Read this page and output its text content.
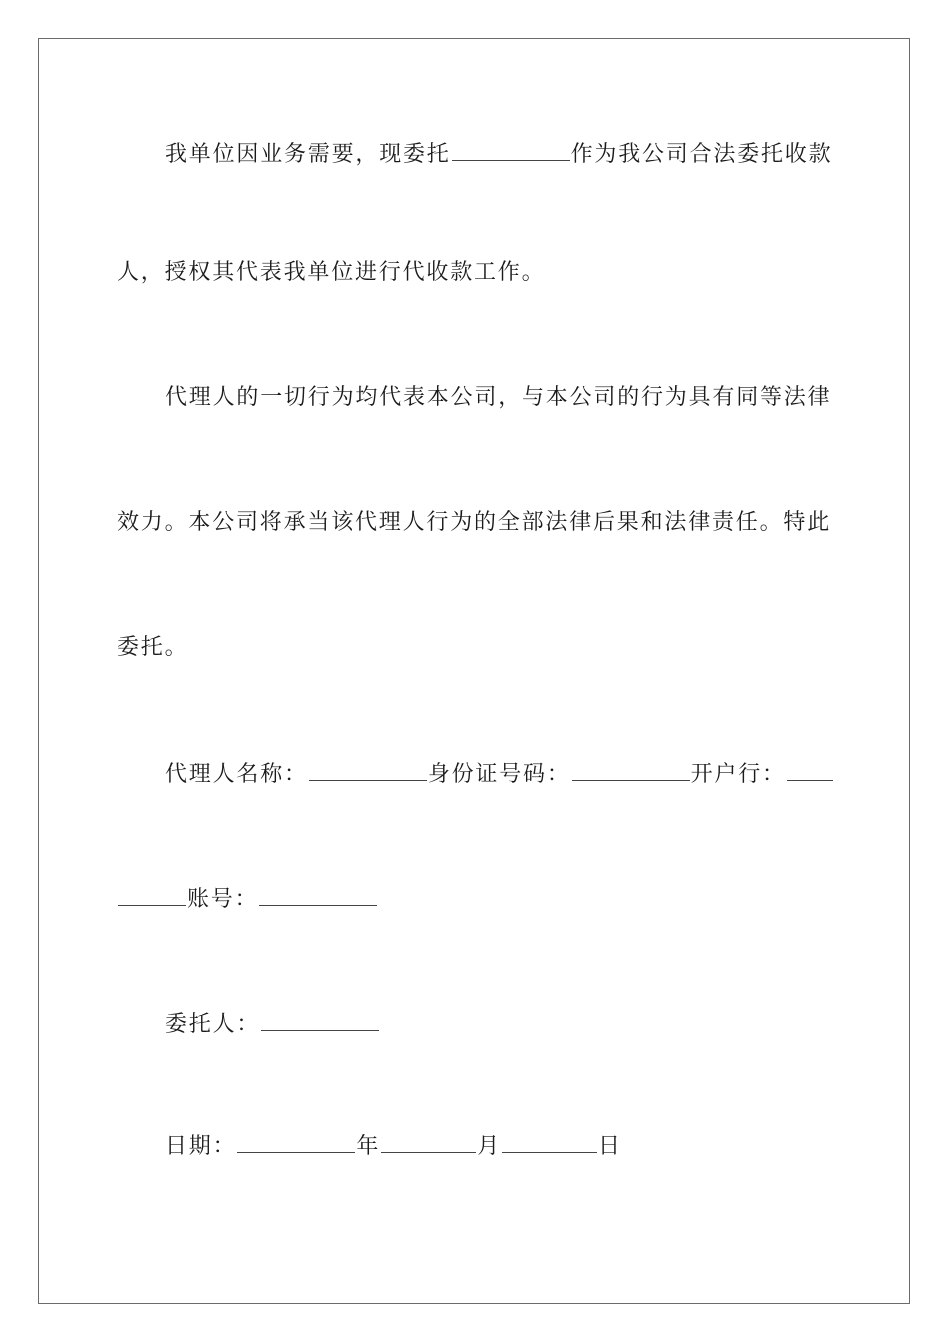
我单位因业务需要，现委托	作为我公司合法委托收款
人，授权其代表我单位进行代收款工作。
代理人的一切行为均代表本公司，与本公司的行为具有同等法律
效力。本公司将承当该代理人行为的全部法律后果和法律责任。特此
委托。
代理人名称：	身份证号码：	开户行：
账号：
委托人：
日期：	年	月	日
